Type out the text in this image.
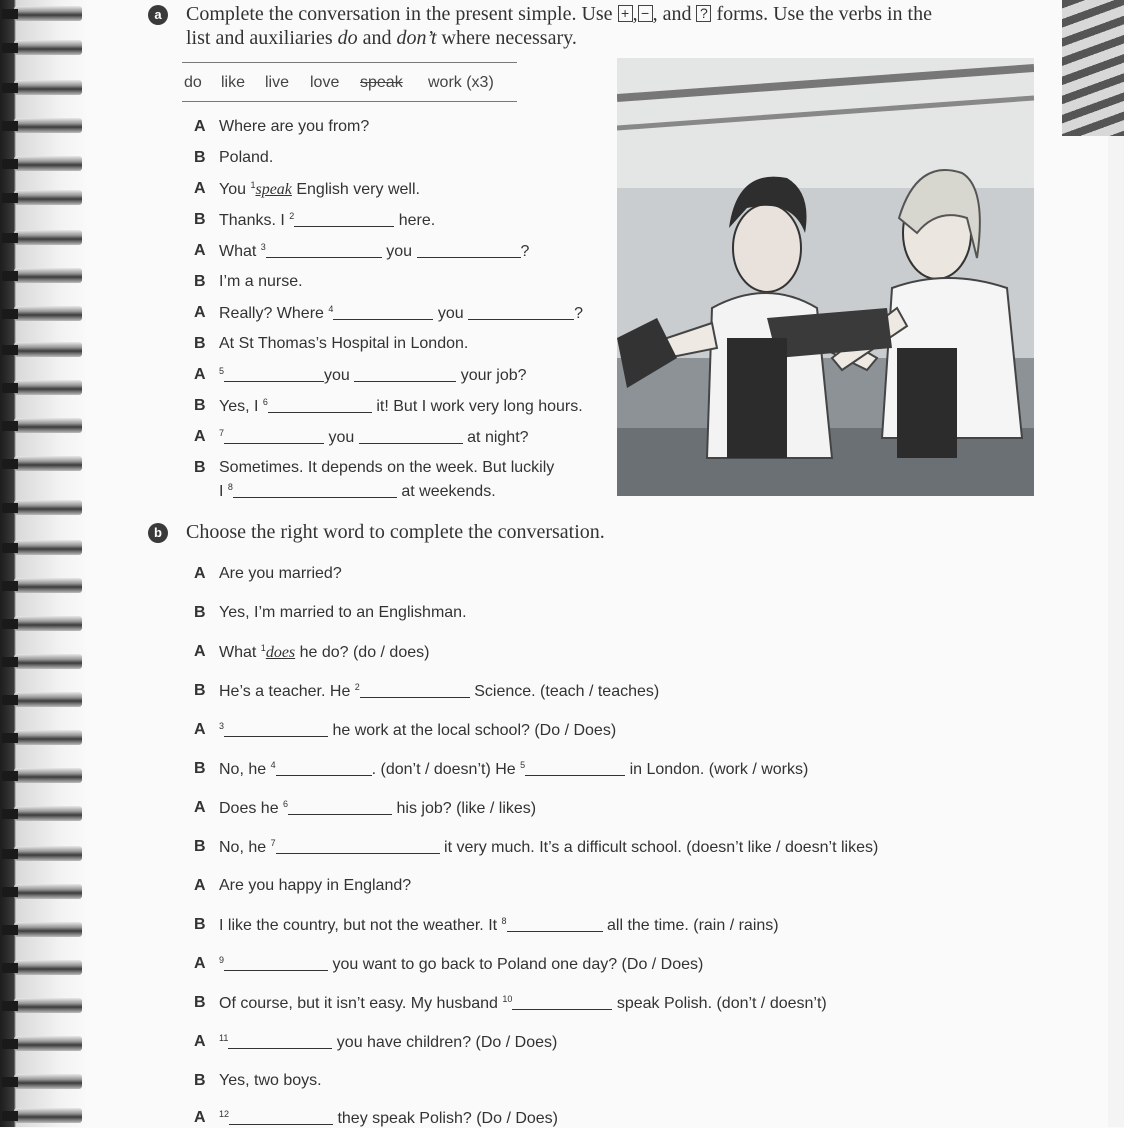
a	Complete the conversation in the present simple. Use + , − , and ? forms. Use the verbs in the
list and auxiliaries do and don’t where necessary.
do like live love speak work (x3)
A Where are you from?
B Poland.
A You $^1$speak English very well.
B Thanks. I $^2$	here.
A What $^3$	you	?
B I’m a nurse.
A Really? Where $^4$	you	?
B At St Thomas’s Hospital in London.
A $^5$	you	your job?
B Yes, I $^6$	it! But I work very long hours.
A $^7$	you	at night?
B Sometimes. It depends on the week. But luckily
I $^8$	at weekends.
b	Choose the right word to complete the conversation.
A Are you married?
B Yes, I’m married to an Englishman.
A What $^1$does he do? (do / does)
B He’s a teacher. He $^2$	Science. (teach / teaches)
A $^3$	he work at the local school? (Do / Does)
B No, he $^4$	. (don’t / doesn’t) He $^5$	in London. (work / works)
A Does he $^6$	his job? (like / likes)
B No, he $^7$	it very much. It’s a difficult school. (doesn’t like / doesn’t likes)
A Are you happy in England?
B I like the country, but not the weather. It $^8$	all the time. (rain / rains)
A $^9$	you want to go back to Poland one day? (Do / Does)
B Of course, but it isn’t easy. My husband $^{10}$	speak Polish. (don’t / doesn’t)
A $^{11}$	you have children? (Do / Does)
B Yes, two boys.
A $^{12}$	they speak Polish? (Do / Does)
